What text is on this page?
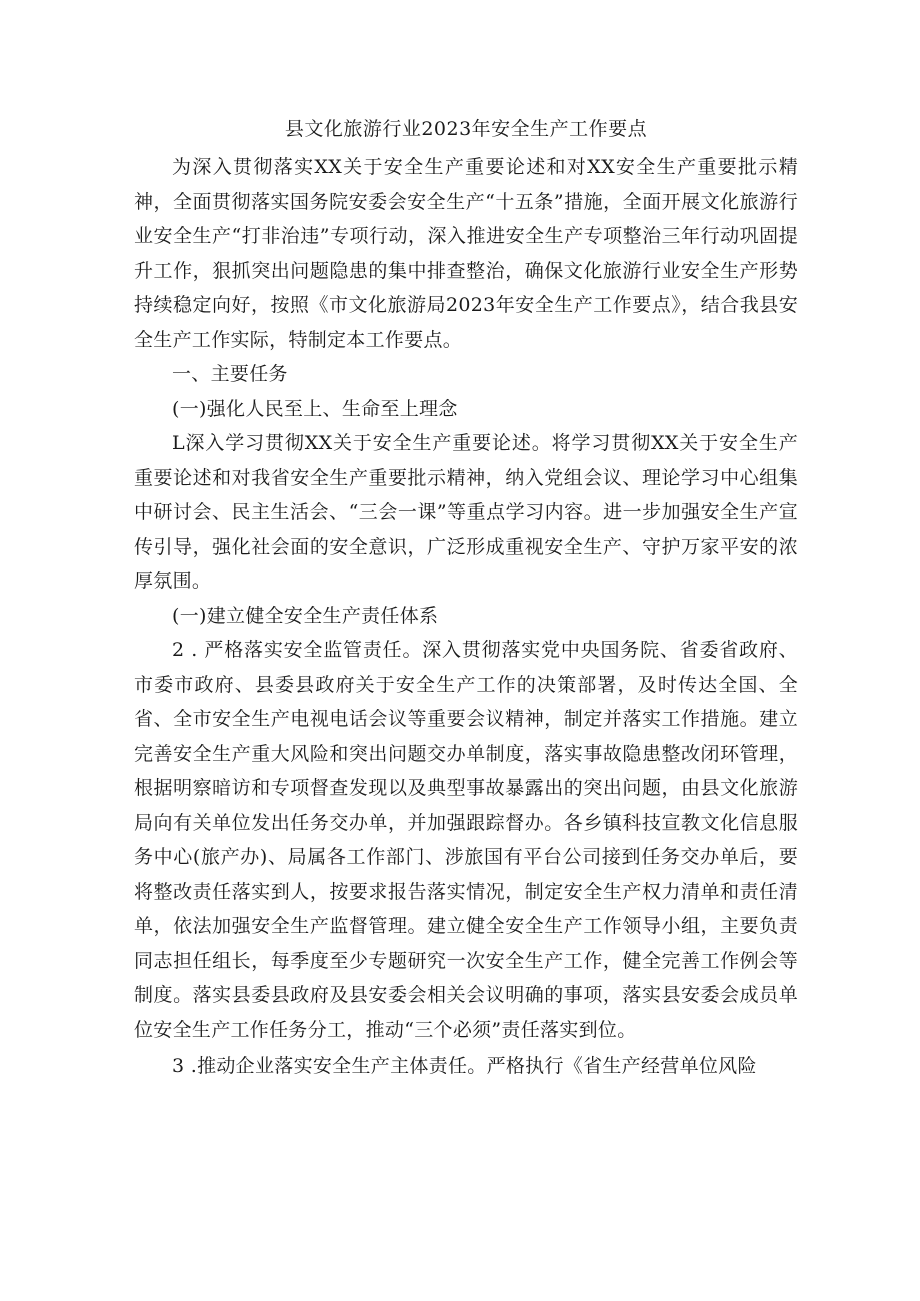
县文化旅游行业2023年安全生产工作要点

为深入贯彻落实XX关于安全生产重要论述和对XX安全生产重要批示精神，全面贯彻落实国务院安委会安全生产“十五条”措施，全面开展文化旅游行业安全生产“打非治违”专项行动，深入推进安全生产专项整治三年行动巩固提升工作，狠抓突出问题隐患的集中排查整治，确保文化旅游行业安全生产形势持续稳定向好，按照《市文化旅游局2023年安全生产工作要点》，结合我县安全生产工作实际，特制定本工作要点。

一、主要任务

(一)强化人民至上、生命至上理念

L深入学习贯彻XX关于安全生产重要论述。将学习贯彻XX关于安全生产重要论述和对我省安全生产重要批示精神，纳入党组会议、理论学习中心组集中研讨会、民主生活会、“三会一课”等重点学习内容。进一步加强安全生产宣传引导，强化社会面的安全意识，广泛形成重视安全生产、守护万家平安的浓厚氛围。

(一)建立健全安全生产责任体系

2 . 严格落实安全监管责任。深入贯彻落实党中央国务院、省委省政府、市委市政府、县委县政府关于安全生产工作的决策部署，及时传达全国、全省、全市安全生产电视电话会议等重要会议精神，制定并落实工作措施。建立完善安全生产重大风险和突出问题交办单制度，落实事故隐患整改闭环管理，根据明察暗访和专项督查发现以及典型事故暴露出的突出问题，由县文化旅游局向有关单位发出任务交办单，并加强跟踪督办。各乡镇科技宣教文化信息服务中心(旅产办)、局属各工作部门、涉旅国有平台公司接到任务交办单后，要将整改责任落实到人，按要求报告落实情况，制定安全生产权力清单和责任清单，依法加强安全生产监督管理。建立健全安全生产工作领导小组，主要负责同志担任组长，每季度至少专题研究一次安全生产工作，健全完善工作例会等制度。落实县委县政府及县安委会相关会议明确的事项，落实县安委会成员单位安全生产工作任务分工，推动“三个必须”责任落实到位。

3 .推动企业落实安全生产主体责任。严格执行《省生产经营单位风险
